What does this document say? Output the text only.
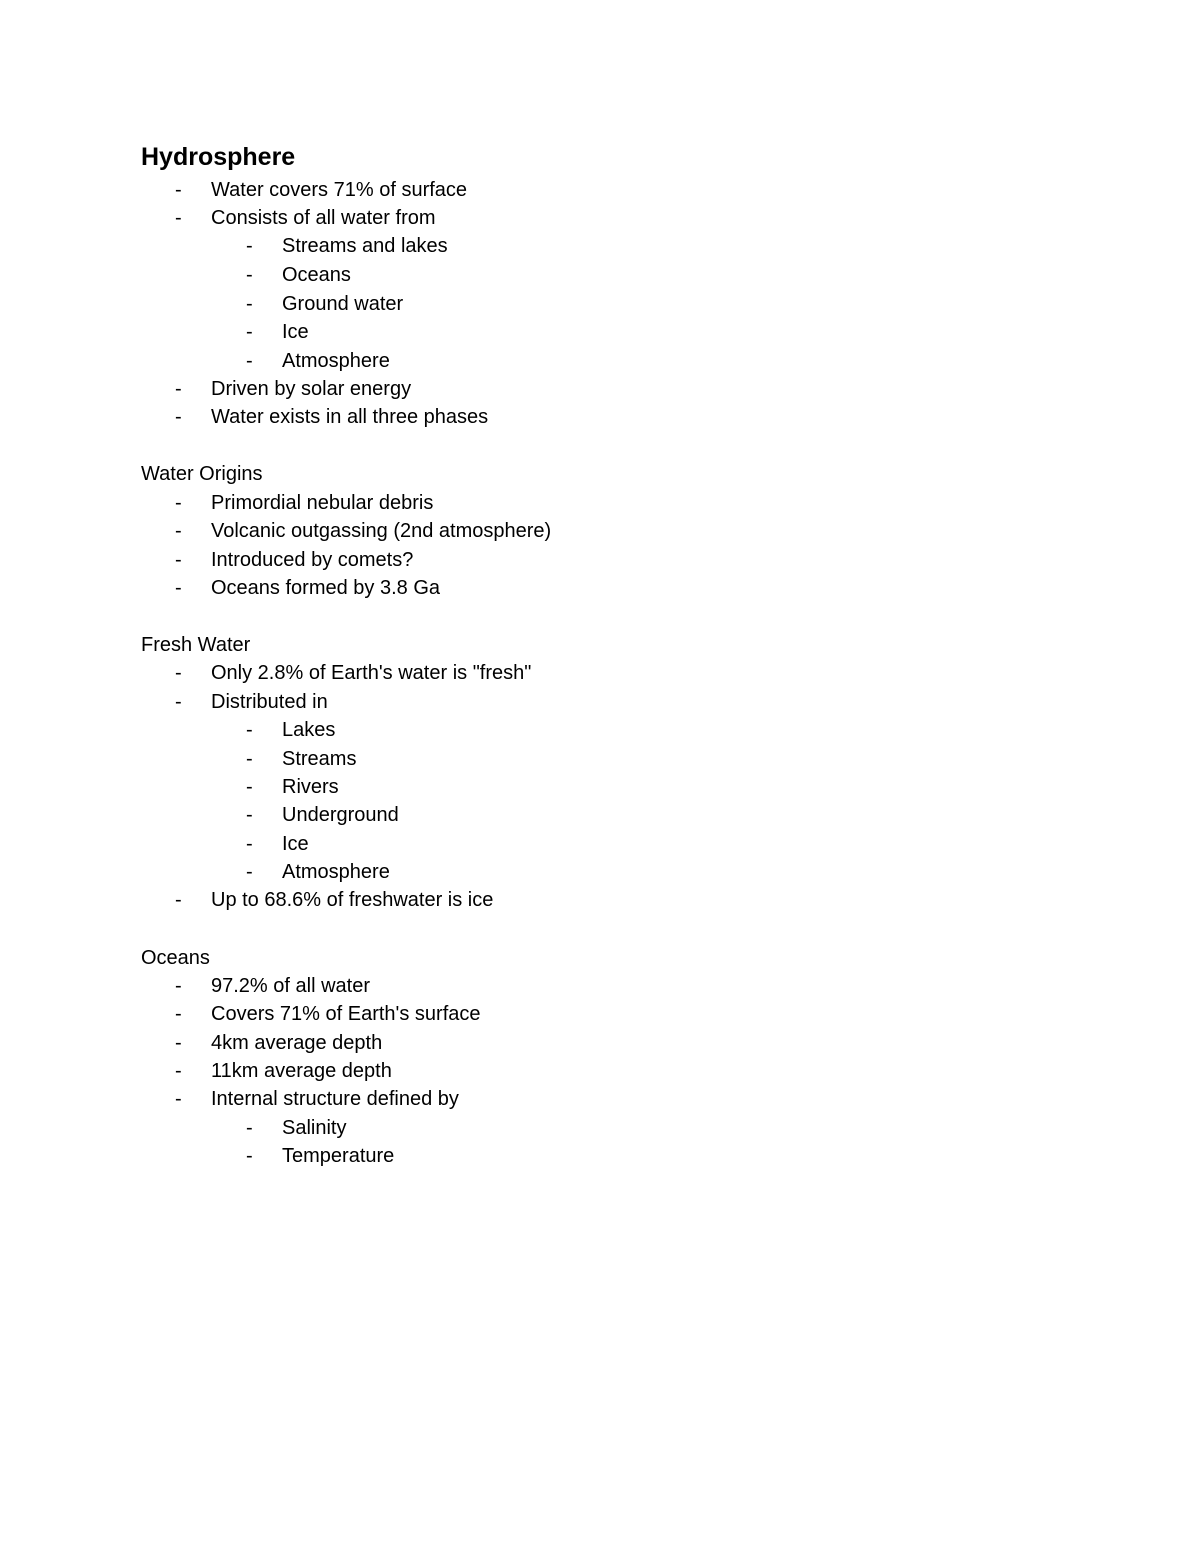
Hydrosphere
- Water covers 71% of surface
- Consists of all water from
- Streams and lakes
- Oceans
- Ground water
- Ice
- Atmosphere
- Driven by solar energy
- Water exists in all three phases
Water Origins
- Primordial nebular debris
- Volcanic outgassing (2nd atmosphere)
- Introduced by comets?
- Oceans formed by 3.8 Ga
Fresh Water
- Only 2.8% of Earth's water is "fresh"
- Distributed in
- Lakes
- Streams
- Rivers
- Underground
- Ice
- Atmosphere
- Up to 68.6% of freshwater is ice
Oceans
- 97.2% of all water
- Covers 71% of Earth's surface
- 4km average depth
- 11km average depth
- Internal structure defined by
- Salinity
- Temperature
